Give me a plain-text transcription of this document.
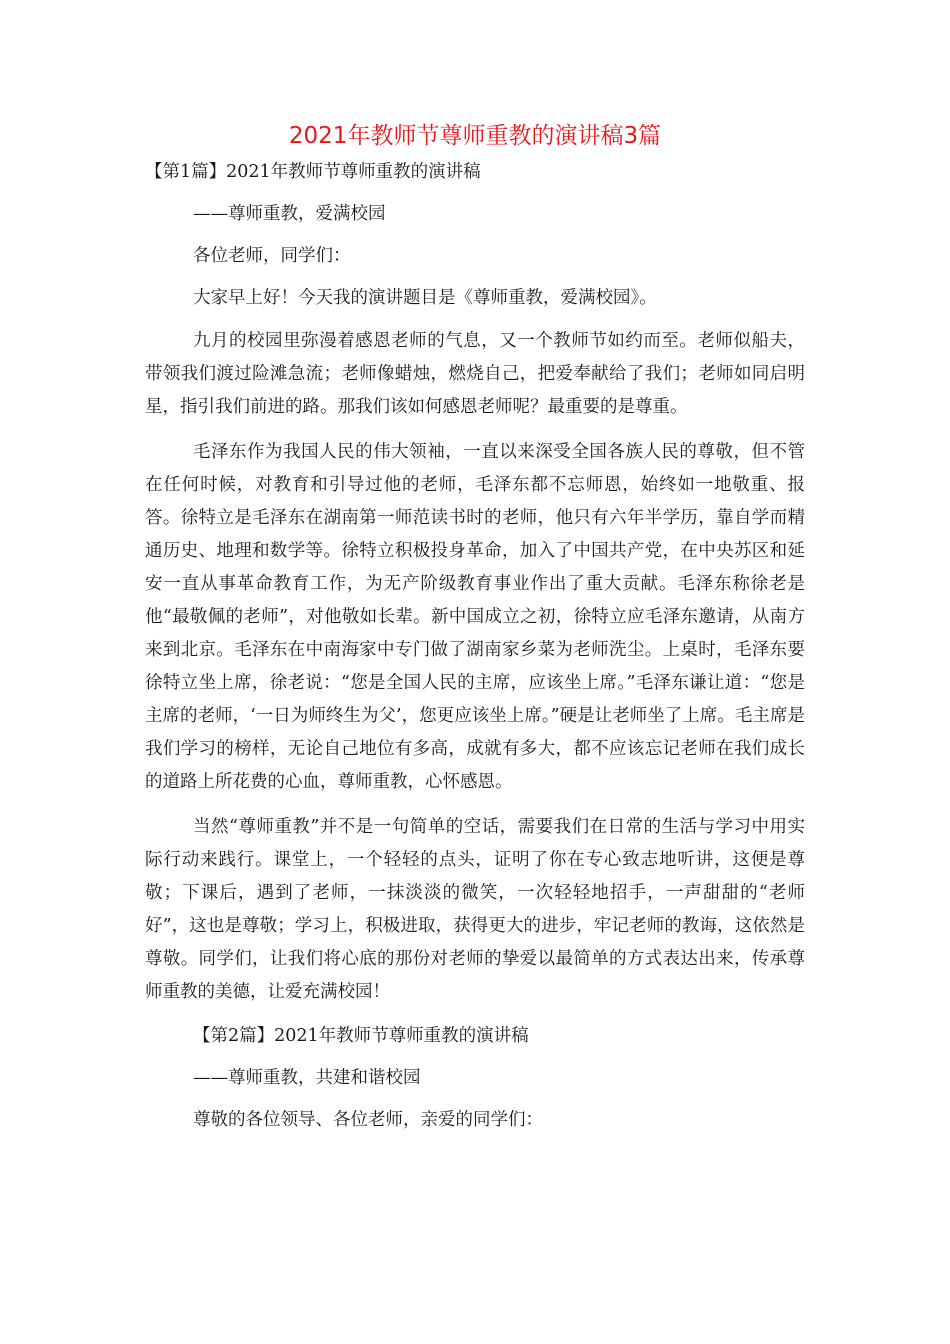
2021年教师节尊师重教的演讲稿3篇

【第1篇】2021年教师节尊师重教的演讲稿

——尊师重教，爱满校园

各位老师，同学们：

大家早上好！今天我的演讲题目是《尊师重教，爱满校园》。

九月的校园里弥漫着感恩老师的气息，又一个教师节如约而至。老师似船夫，带领我们渡过险滩急流；老师像蜡烛，燃烧自己，把爱奉献给了我们；老师如同启明星，指引我们前进的路。那我们该如何感恩老师呢？最重要的是尊重。

毛泽东作为我国人民的伟大领袖，一直以来深受全国各族人民的尊敬，但不管在任何时候，对教育和引导过他的老师，毛泽东都不忘师恩，始终如一地敬重、报答。徐特立是毛泽东在湖南第一师范读书时的老师，他只有六年半学历，靠自学而精通历史、地理和数学等。徐特立积极投身革命，加入了中国共产党，在中央苏区和延安一直从事革命教育工作，为无产阶级教育事业作出了重大贡献。毛泽东称徐老是他“最敬佩的老师”，对他敬如长辈。新中国成立之初，徐特立应毛泽东邀请，从南方来到北京。毛泽东在中南海家中专门做了湖南家乡菜为老师洗尘。上桌时，毛泽东要徐特立坐上席，徐老说：“您是全国人民的主席，应该坐上席。”毛泽东谦让道：“您是主席的老师，‘一日为师终生为父’，您更应该坐上席。”硬是让老师坐了上席。毛主席是我们学习的榜样，无论自己地位有多高，成就有多大，都不应该忘记老师在我们成长的道路上所花费的心血，尊师重教，心怀感恩。

当然“尊师重教”并不是一句简单的空话，需要我们在日常的生活与学习中用实际行动来践行。课堂上，一个轻轻的点头，证明了你在专心致志地听讲，这便是尊敬；下课后，遇到了老师，一抹淡淡的微笑，一次轻轻地招手，一声甜甜的“老师好”，这也是尊敬；学习上，积极进取，获得更大的进步，牢记老师的教诲，这依然是尊敬。同学们，让我们将心底的那份对老师的挚爱以最简单的方式表达出来，传承尊师重教的美德，让爱充满校园！

【第2篇】2021年教师节尊师重教的演讲稿

——尊师重教，共建和谐校园

尊敬的各位领导、各位老师，亲爱的同学们：
